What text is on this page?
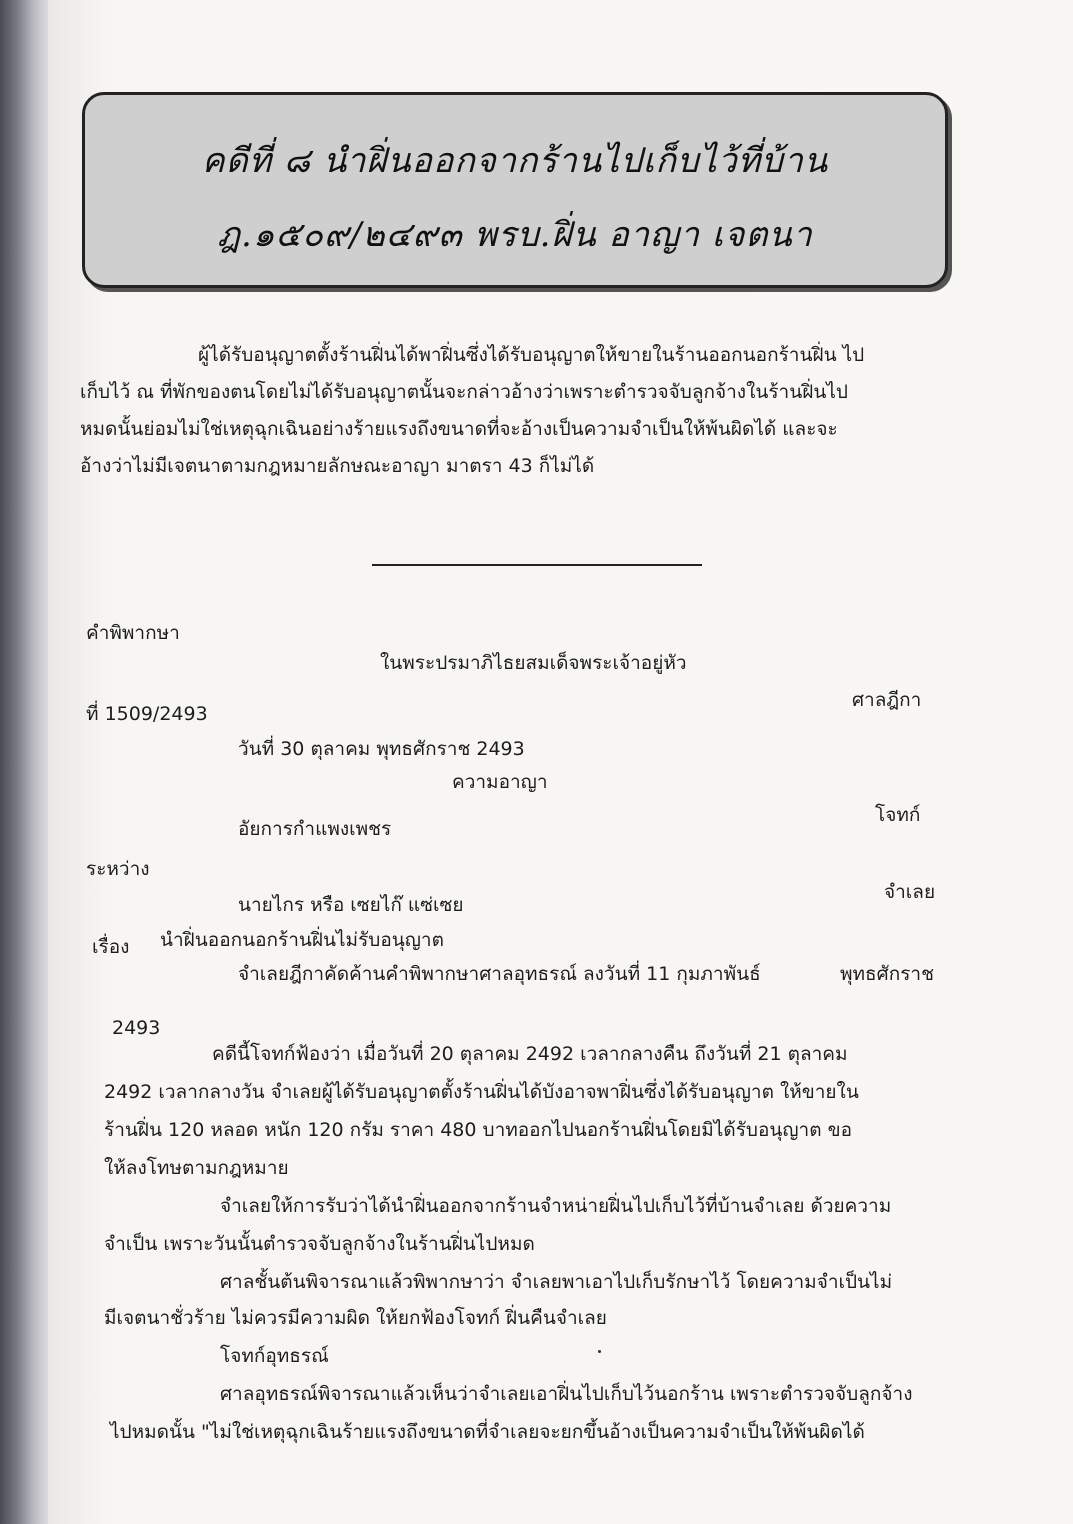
คดีที่ ๘ นำฝิ่นออกจากร้านไปเก็บไว้ที่บ้าน
ฎ.๑๕๐๙/๒๔๙๓ พรบ.ฝิ่น อาญา เจตนา
ผู้ได้รับอนุญาตตั้งร้านฝิ่นได้พาฝิ่นซึ่งได้รับอนุญาตให้ขายในร้านออกนอกร้านฝิ่น ไป
เก็บไว้ ณ ที่พักของตนโดยไม่ได้รับอนุญาตนั้นจะกล่าวอ้างว่าเพราะตำรวจจับลูกจ้างในร้านฝิ่นไป
หมดนั้นย่อมไม่ใช่เหตุฉุกเฉินอย่างร้ายแรงถึงขนาดที่จะอ้างเป็นความจำเป็นให้พ้นผิดได้ และจะ
อ้างว่าไม่มีเจตนาตามกฎหมายลักษณะอาญา มาตรา 43 ก็ไม่ได้
คำพิพากษา
ในพระปรมาภิไธยสมเด็จพระเจ้าอยู่หัว
ที่ 1509/2493
ศาลฎีกา
วันที่ 30 ตุลาคม พุทธศักราช 2493
ความอาญา
อัยการกำแพงเพชร
โจทก์
ระหว่าง
นายไกร หรือ เซยไก๊ แซ่เซย
จำเลย
เรื่อง นำฝิ่นออกนอกร้านฝิ่นไม่รับอนุญาต
จำเลยฎีกาคัดค้านคำพิพากษาศาลอุทธรณ์ ลงวันที่ 11 กุมภาพันธ์	พุทธศักราช
2493
คดีนี้โจทก์ฟ้องว่า เมื่อวันที่ 20 ตุลาคม 2492 เวลากลางคืน ถึงวันที่ 21 ตุลาคม
2492 เวลากลางวัน จำเลยผู้ได้รับอนุญาตตั้งร้านฝิ่นได้บังอาจพาฝิ่นซึ่งได้รับอนุญาต ให้ขายใน
ร้านฝิ่น 120 หลอด หนัก 120 กรัม ราคา 480 บาทออกไปนอกร้านฝิ่นโดยมิได้รับอนุญาต ขอ
ให้ลงโทษตามกฎหมาย
จำเลยให้การรับว่าได้นำฝิ่นออกจากร้านจำหน่ายฝิ่นไปเก็บไว้ที่บ้านจำเลย ด้วยความ
จำเป็น เพราะวันนั้นตำรวจจับลูกจ้างในร้านฝิ่นไปหมด
ศาลชั้นต้นพิจารณาแล้วพิพากษาว่า จำเลยพาเอาไปเก็บรักษาไว้ โดยความจำเป็นไม่
มีเจตนาชั่วร้าย ไม่ควรมีความผิด ให้ยกฟ้องโจทก์ ฝิ่นคืนจำเลย
โจทก์อุทธรณ์
ศาลอุทธรณ์พิจารณาแล้วเห็นว่าจำเลยเอาฝิ่นไปเก็บไว้นอกร้าน เพราะตำรวจจับลูกจ้าง
ไปหมดนั้น "ไม่ใช่เหตุฉุกเฉินร้ายแรงถึงขนาดที่จำเลยจะยกขึ้นอ้างเป็นความจำเป็นให้พ้นผิดได้
